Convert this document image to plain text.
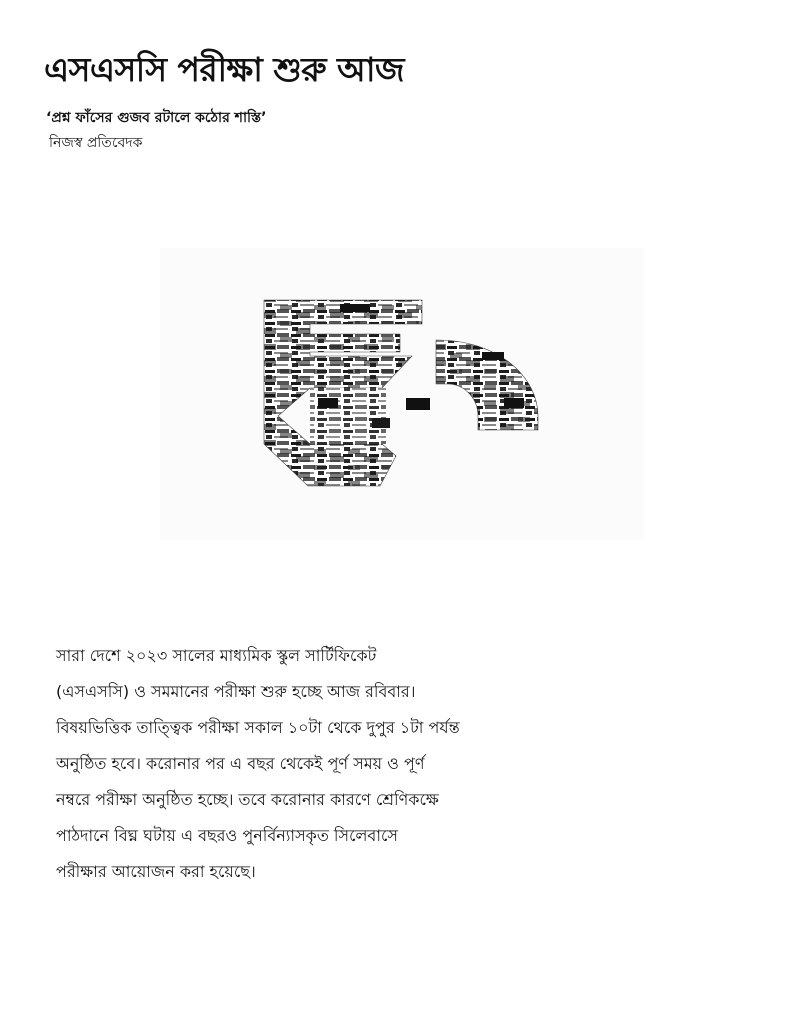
এসএসসি পরীক্ষা শুরু আজ
‘প্রশ্ন ফাঁসের গুজব রটালে কঠোর শাস্তি’
নিজস্ব প্রতিবেদক
সারা দেশে ২০২৩ সালের মাধ্যমিক স্কুল সার্টিফিকেট
(এসএসসি) ও সমমানের পরীক্ষা শুরু হচ্ছে আজ রবিবার।
বিষয়ভিত্তিক তাত্ত্বিক পরীক্ষা সকাল ১০টা থেকে দুপুর ১টা পর্যন্ত
অনুষ্ঠিত হবে। করোনার পর এ বছর থেকেই পূর্ণ সময় ও পূর্ণ
নম্বরে পরীক্ষা অনুষ্ঠিত হচ্ছে। তবে করোনার কারণে শ্রেণিকক্ষে
পাঠদানে বিঘ্ন ঘটায় এ বছরও পুনর্বিন্যাসকৃত সিলেবাসে
পরীক্ষার আয়োজন করা হয়েছে।
